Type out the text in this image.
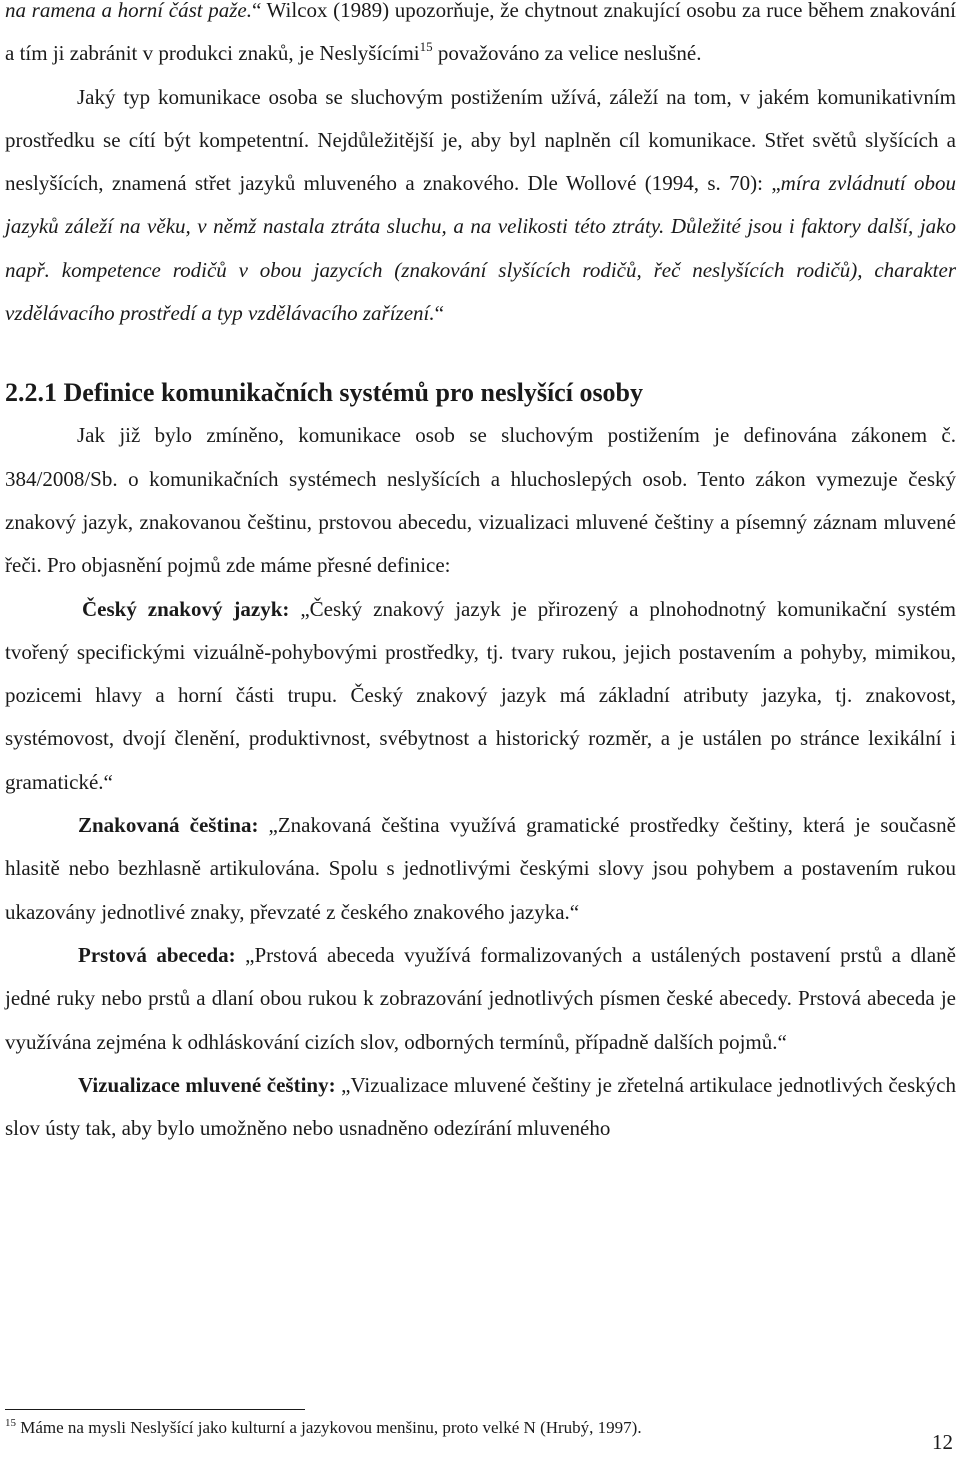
na ramena a horní část paže.“ Wilcox (1989) upozorňuje, že chytnout znakující osobu za ruce během znakování a tím ji zabránit v produkci znaků, je Neslyšícími$^{15}$ považováno za velice neslušné.

Jaký typ komunikace osoba se sluchovým postižením užívá, záleží na tom, v jakém komunikativním prostředku se cítí být kompetentní. Nejdůležitější je, aby byl naplněn cíl komunikace. Střet světů slyšících a neslyšících, znamená střet jazyků mluveného a znakového. Dle Wollové (1994, s. 70): „míra zvládnutí obou jazyků záleží na věku, v němž nastala ztráta sluchu, a na velikosti této ztráty. Důležité jsou i faktory další, jako např. kompetence rodičů v obou jazycích (znakování slyšících rodičů, řeč neslyšících rodičů), charakter vzdělávacího prostředí a typ vzdělávacího zařízení.“

2.2.1 Definice komunikačních systémů pro neslyšící osoby

Jak již bylo zmíněno, komunikace osob se sluchovým postižením je definována zákonem č. 384/2008/Sb. o komunikačních systémech neslyšících a hluchoslepých osob. Tento zákon vymezuje český znakový jazyk, znakovanou češtinu, prstovou abecedu, vizualizaci mluvené češtiny a písemný záznam mluvené řeči. Pro objasnění pojmů zde máme přesné definice:

Český znakový jazyk: „Český znakový jazyk je přirozený a plnohodnotný komunikační systém tvořený specifickými vizuálně-pohybovými prostředky, tj. tvary rukou, jejich postavením a pohyby, mimikou, pozicemi hlavy a horní části trupu. Český znakový jazyk má základní atributy jazyka, tj. znakovost, systémovost, dvojí členění, produktivnost, svébytnost a historický rozměr, a je ustálen po stránce lexikální i gramatické.“

Znakovaná čeština: „Znakovaná čeština využívá gramatické prostředky češtiny, která je současně hlasitě nebo bezhlasně artikulována. Spolu s jednotlivými českými slovy jsou pohybem a postavením rukou ukazovány jednotlivé znaky, převzaté z českého znakového jazyka.“

Prstová abeceda: „Prstová abeceda využívá formalizovaných a ustálených postavení prstů a dlaně jedné ruky nebo prstů a dlaní obou rukou k zobrazování jednotlivých písmen české abecedy. Prstová abeceda je využívána zejména k odhláskování cizích slov, odborných termínů, případně dalších pojmů.“

Vizualizace mluvené češtiny: „Vizualizace mluvené češtiny je zřetelná artikulace jednotlivých českých slov ústy tak, aby bylo umožněno nebo usnadněno odezírání mluveného

$^{15}$ Máme na mysli Neslyšící jako kulturní a jazykovou menšinu, proto velké N (Hrubý, 1997).
12
